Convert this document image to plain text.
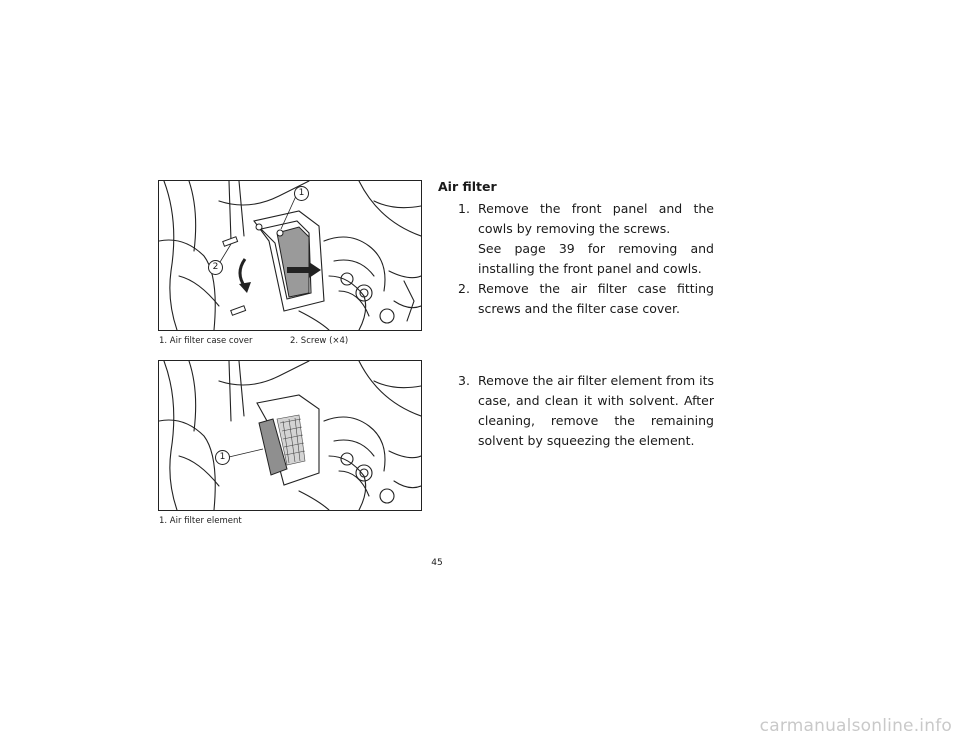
1
2
1. Air filter case cover	2. Screw (×4)
1
1. Air filter element
Air filter
1. Remove the front panel and the cowls by removing the screws.
See page 39 for removing and installing the front panel and cowls.
2. Remove the air filter case fitting screws and the filter case cover.
3. Remove the air filter element from its case, and clean it with solvent. After cleaning, remove the remaining solvent by squeezing the element.
45
carmanualsonline.info
